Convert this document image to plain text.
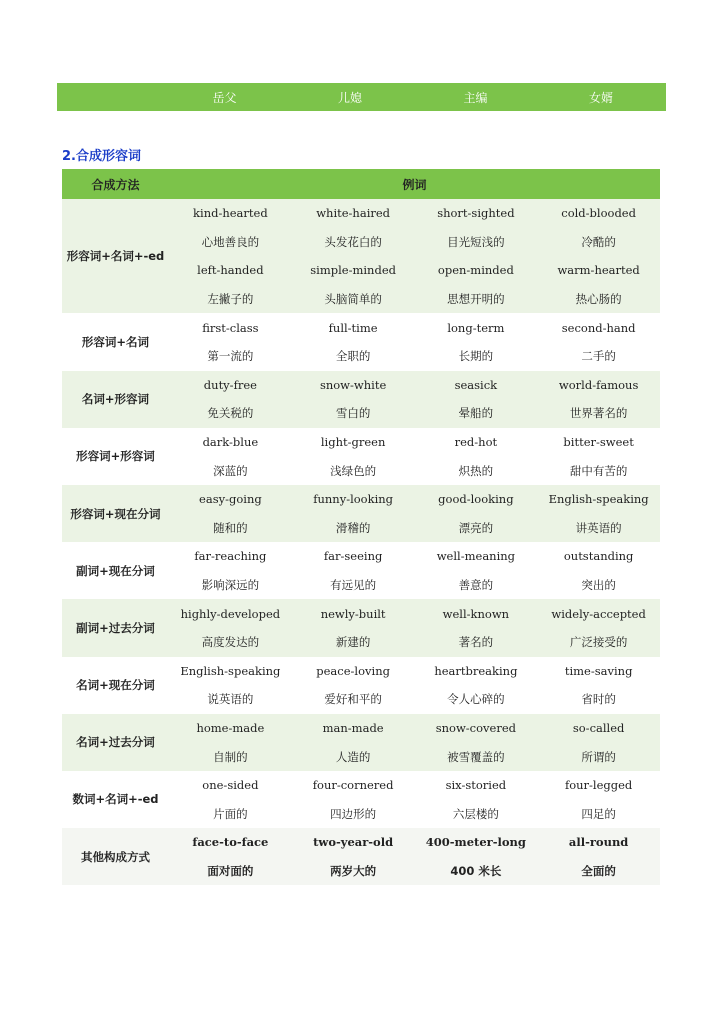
岳父	儿媳	主编	女婿
2.合成形容词
合成方法	例词			
形容词+名词+-ed	kind-hearted	white-haired	short-sighted	cold-blooded
	心地善良的	头发花白的	目光短浅的	冷酷的
	left-handed	simple-minded	open-minded	warm-hearted
	左撇子的	头脑简单的	思想开明的	热心肠的
形容词+名词	first-class	full-time	long-term	second-hand
	第一流的	全职的	长期的	二手的
名词+形容词	duty-free	snow-white	seasick	world-famous
	免关税的	雪白的	晕船的	世界著名的
形容词+形容词	dark-blue	light-green	red-hot	bitter-sweet
	深蓝的	浅绿色的	炽热的	甜中有苦的
形容词+现在分词	easy-going	funny-looking	good-looking	English-speaking
	随和的	滑稽的	漂亮的	讲英语的
副词+现在分词	far-reaching	far-seeing	well-meaning	outstanding
	影响深远的	有远见的	善意的	突出的
副词+过去分词	highly-developed	newly-built	well-known	widely-accepted
	高度发达的	新建的	著名的	广泛接受的
名词+现在分词	English-speaking	peace-loving	heartbreaking	time-saving
	说英语的	爱好和平的	令人心碎的	省时的
名词+过去分词	home-made	man-made	snow-covered	so-called
	自制的	人造的	被雪覆盖的	所谓的
数词+名词+-ed	one-sided	four-cornered	six-storied	four-legged
	片面的	四边形的	六层楼的	四足的
其他构成方式	face-to-face	two-year-old	400-meter-long	all-round
	面对面的	两岁大的	400 米长	全面的
